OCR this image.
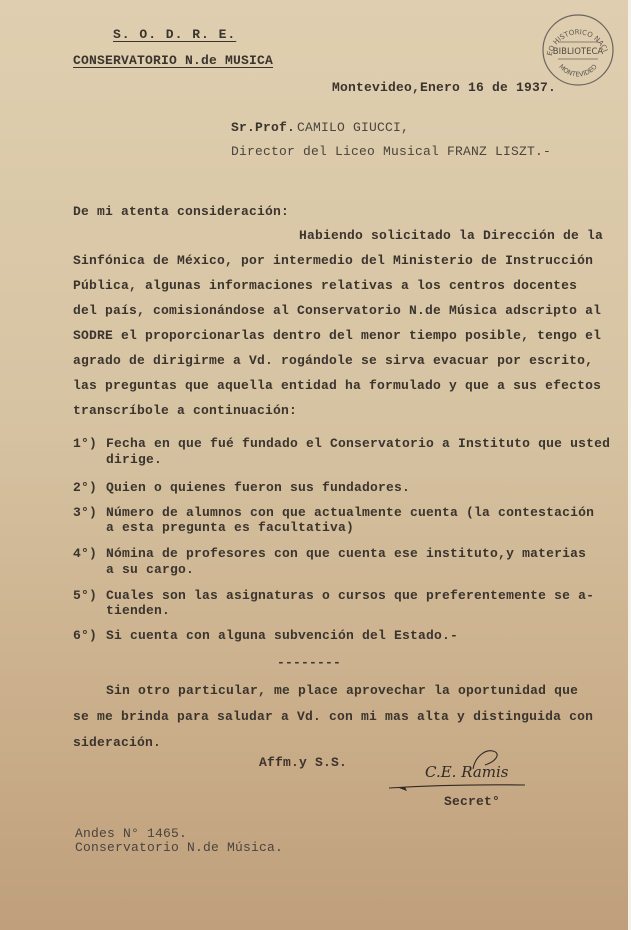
S. O. D. R. E.
CONSERVATORIO N.de MUSICA	EO HISTORICO NACI
BIBLIOTECA
MONTEVIDEO
Montevideo,Enero 16 de 1937.
Sr.Prof. CAMILO GIUCCI,
Director del Liceo Musical FRANZ LISZT.-
De mi atenta consideración:
Habiendo solicitado la Dirección de la
Sinfónica de México, por intermedio del Ministerio de Instrucción
Pública, algunas informaciones relativas a los centros docentes
del país, comisionándose al Conservatorio N.de Música adscripto al
SODRE el proporcionarlas dentro del menor tiempo posible, tengo el
agrado de dirigirme a Vd. rogándole se sirva evacuar por escrito,
las preguntas que aquella entidad ha formulado y que a sus efectos
transcríbole a continuación:
1°) Fecha en que fué fundado el Conservatorio a Instituto que usted
dirige.
2°) Quien o quienes fueron sus fundadores.
3°) Número de alumnos con que actualmente cuenta (la contestación
a esta pregunta es facultativa)
4°) Nómina de profesores con que cuenta ese instituto,y materias
a su cargo.
5°) Cuales son las asignaturas o cursos que preferentemente se a-
tienden.
6°) Si cuenta con alguna subvención del Estado.-
--------
Sin otro particular, me place aprovechar la oportunidad que
se me brinda para saludar a Vd. con mi mas alta y distinguida con
sideración.
Affm.y S.S.
C.E. Ramis
Secret°
Andes N° 1465.
Conservatorio N.de Música.
